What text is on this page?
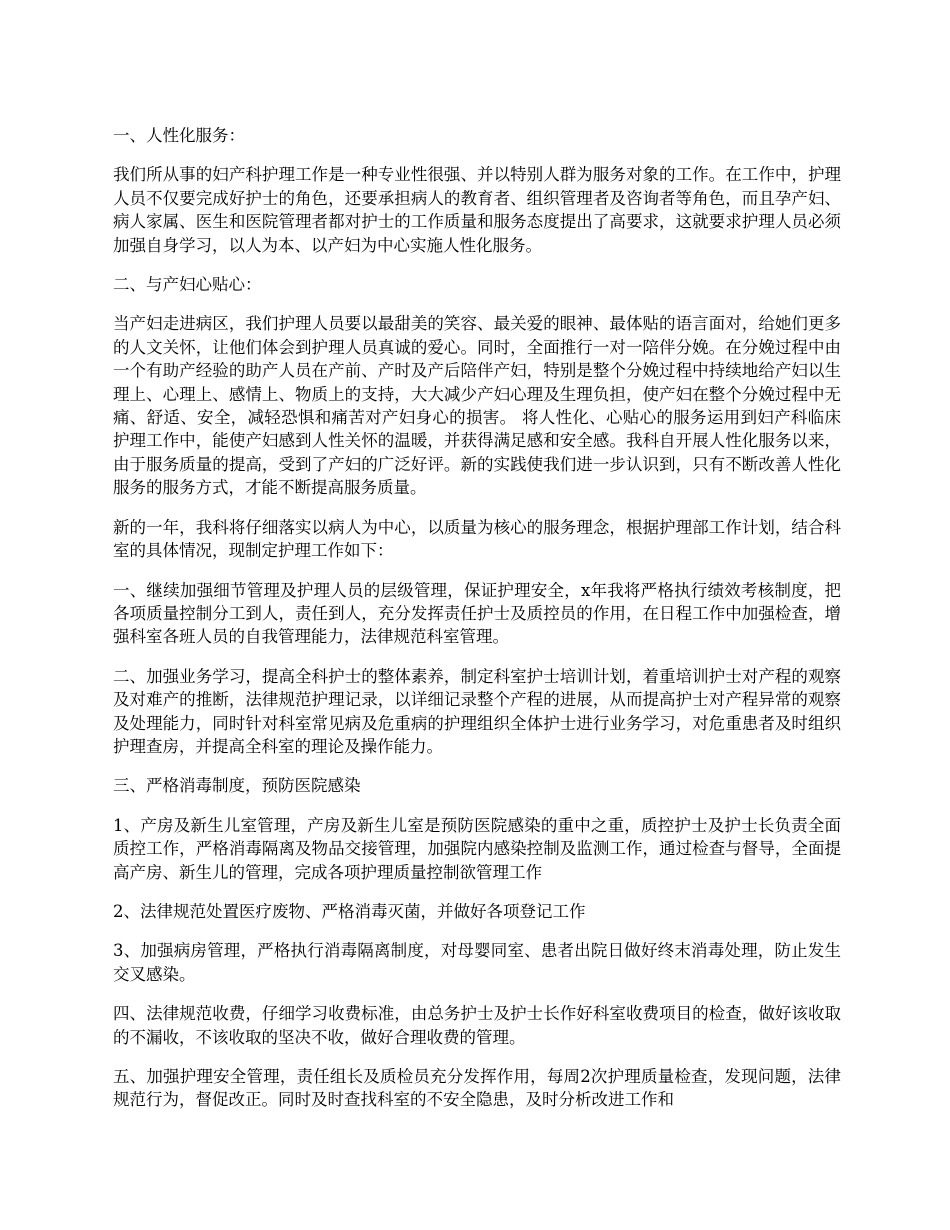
一、人性化服务：

我们所从事的妇产科护理工作是一种专业性很强、并以特别人群为服务对象的工作。在工作中，护理人员不仅要完成好护士的角色，还要承担病人的教育者、组织管理者及咨询者等角色，而且孕产妇、病人家属、医生和医院管理者都对护士的工作质量和服务态度提出了高要求，这就要求护理人员必须加强自身学习，以人为本、以产妇为中心实施人性化服务。

二、与产妇心贴心：

当产妇走进病区，我们护理人员要以最甜美的笑容、最关爱的眼神、最体贴的语言面对，给她们更多的人文关怀，让他们体会到护理人员真诚的爱心。同时，全面推行一对一陪伴分娩。在分娩过程中由一个有助产经验的助产人员在产前、产时及产后陪伴产妇，特别是整个分娩过程中持续地给产妇以生理上、心理上、感情上、物质上的支持，大大减少产妇心理及生理负担，使产妇在整个分娩过程中无痛、舒适、安全，减轻恐惧和痛苦对产妇身心的损害。 将人性化、心贴心的服务运用到妇产科临床护理工作中，能使产妇感到人性关怀的温暖，并获得满足感和安全感。我科自开展人性化服务以来，由于服务质量的提高，受到了产妇的广泛好评。新的实践使我们进一步认识到，只有不断改善人性化服务的服务方式，才能不断提高服务质量。

新的一年，我科将仔细落实以病人为中心，以质量为核心的服务理念，根据护理部工作计划，结合科室的具体情况，现制定护理工作如下：

一、继续加强细节管理及护理人员的层级管理，保证护理安全，x年我将严格执行绩效考核制度，把各项质量控制分工到人，责任到人，充分发挥责任护士及质控员的作用，在日程工作中加强检查，增强科室各班人员的自我管理能力，法律规范科室管理。

二、加强业务学习，提高全科护士的整体素养，制定科室护士培训计划，着重培训护士对产程的观察及对难产的推断，法律规范护理记录，以详细记录整个产程的进展，从而提高护士对产程异常的观察及处理能力，同时针对科室常见病及危重病的护理组织全体护士进行业务学习，对危重患者及时组织护理查房，并提高全科室的理论及操作能力。

三、严格消毒制度，预防医院感染

1、产房及新生儿室管理，产房及新生儿室是预防医院感染的重中之重，质控护士及护士长负责全面质控工作，严格消毒隔离及物品交接管理，加强院内感染控制及监测工作，通过检查与督导，全面提高产房、新生儿的管理，完成各项护理质量控制欲管理工作

2、法律规范处置医疗废物、严格消毒灭菌，并做好各项登记工作

3、加强病房管理，严格执行消毒隔离制度，对母婴同室、患者出院日做好终末消毒处理，防止发生交叉感染。

四、法律规范收费，仔细学习收费标准，由总务护士及护士长作好科室收费项目的检查，做好该收取的不漏收，不该收取的坚决不收，做好合理收费的管理。

五、加强护理安全管理，责任组长及质检员充分发挥作用，每周2次护理质量检查，发现问题，法律规范行为，督促改正。同时及时查找科室的不安全隐患，及时分析改进工作和
